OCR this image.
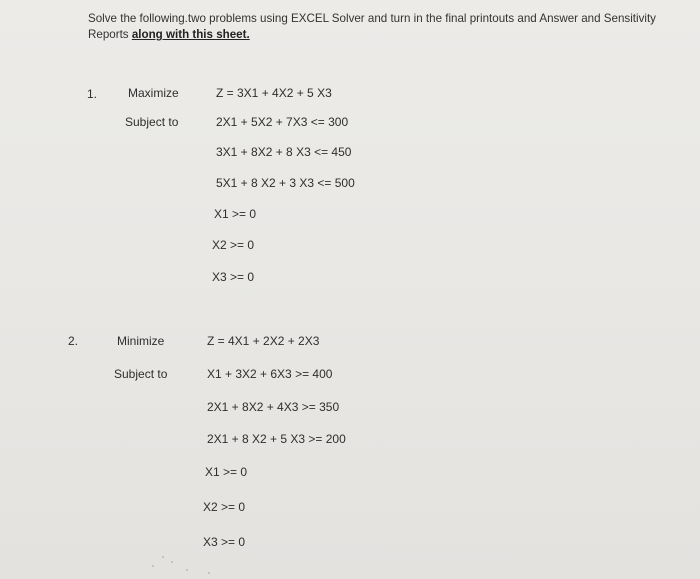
Solve the following.two problems using EXCEL Solver and turn in the final printouts and Answer and Sensitivity Reports along with this sheet.
1.	Maximize	Z = 3X1 + 4X2 + 5 X3
Subject to	2X1 + 5X2 + 7X3 <= 300
3X1 + 8X2 + 8 X3 <= 450
5X1 + 8 X2 + 3 X3 <= 500
X1 >= 0
X2 >= 0
X3 >= 0
2.	Minimize	Z = 4X1 + 2X2 + 2X3
Subject to	X1 + 3X2 + 6X3 >= 400
2X1 + 8X2 + 4X3 >= 350
2X1 + 8 X2 + 5 X3 >= 200
X1 >= 0
X2 >= 0
X3 >= 0
